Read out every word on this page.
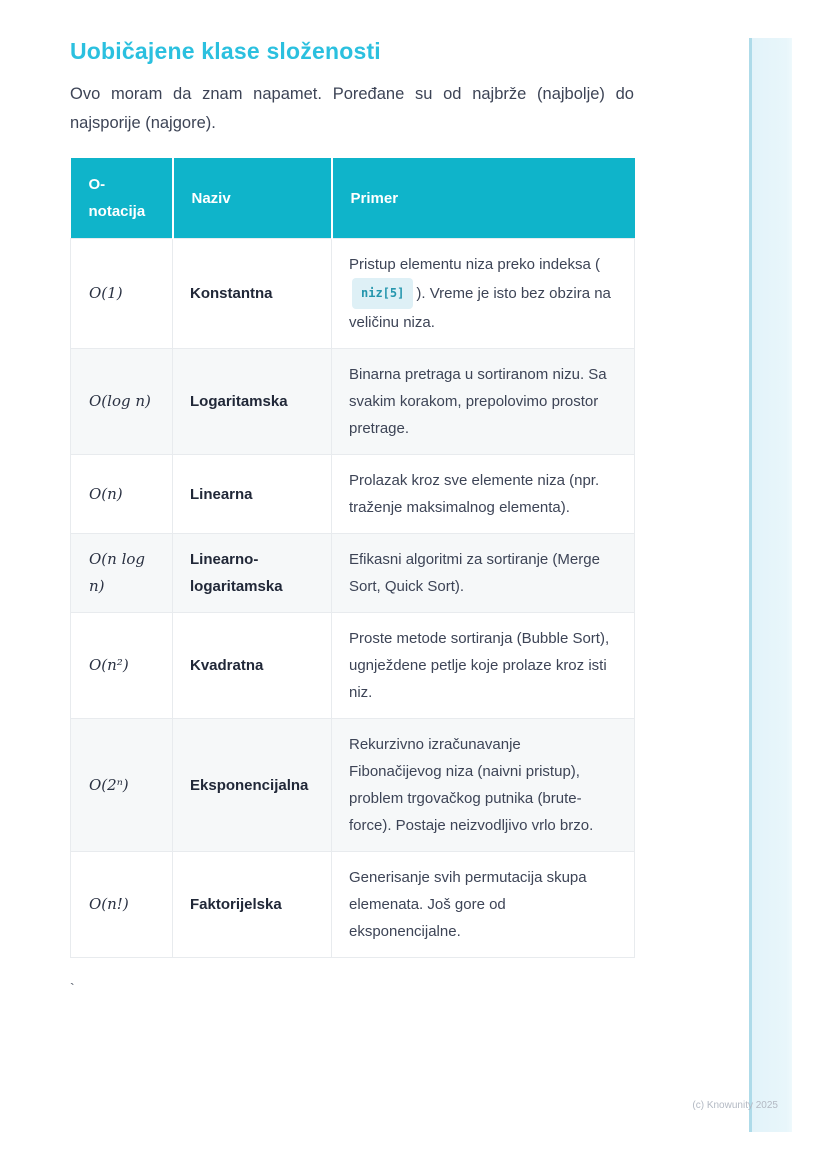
Uobičajene klase složenosti

Ovo moram da znam napamet. Poređane su od najbrže (najbolje) do najsporije (najgore).

O-notacija	Naziv	Primer
O(1)	Konstantna	Pristup elementu niza preko indeksa (niz[5] ). Vreme je isto bez obzira na veličinu niza.
O(log n)	Logaritamska	Binarna pretraga u sortiranom nizu. Sa svakim korakom, prepolovimo prostor pretrage.
O(n)	Linearna	Prolazak kroz sve elemente niza (npr. traženje maksimalnog elementa).
O(n log n)	Linearno-logaritamska	Efikasni algoritmi za sortiranje (Merge Sort, Quick Sort).
O(n²)	Kvadratna	Proste metode sortiranja (Bubble Sort), ugnježdene petlje koje prolaze kroz isti niz.
O(2ⁿ)	Eksponencijalna	Rekurzivno izračunavanje Fibonačijevog niza (naivni pristup), problem trgovačkog putnika (brute-force). Postaje neizvodljivo vrlo brzo.
O(n!)	Faktorijelska	Generisanje svih permutacija skupa elemenata. Još gore od eksponencijalne.
`
(c) Knowunity 2025
